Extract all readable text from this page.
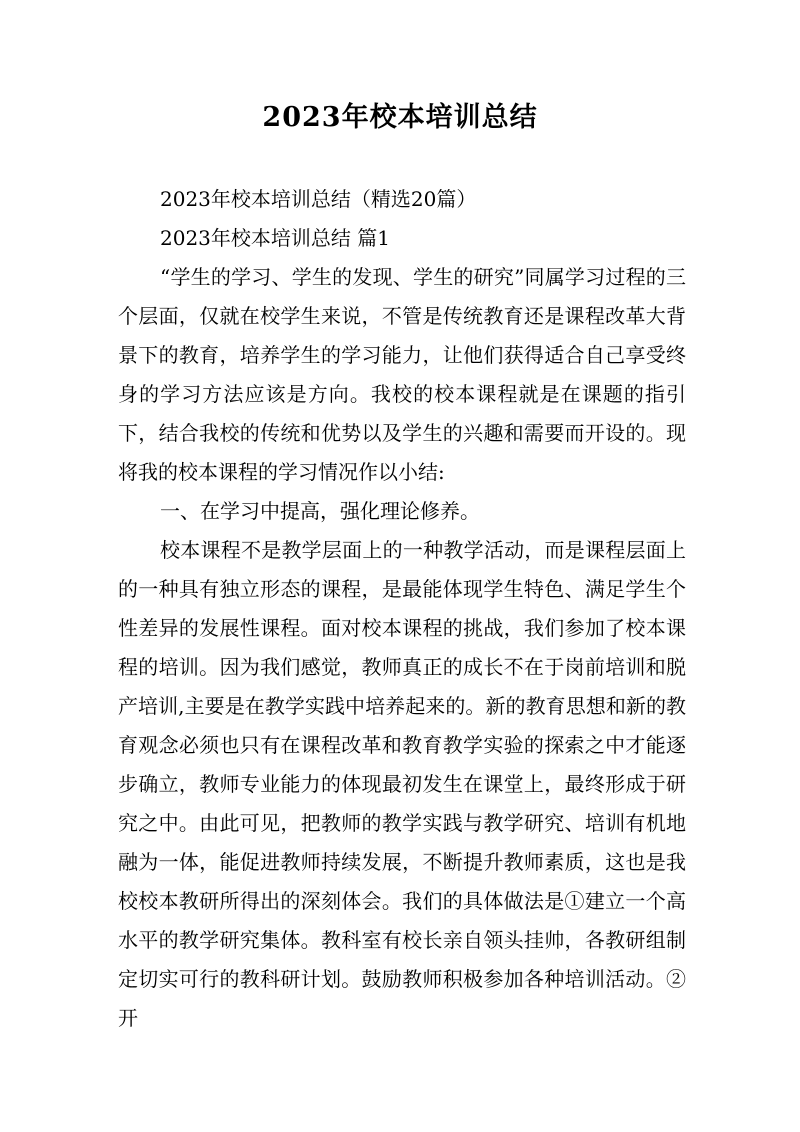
2023年校本培训总结

2023年校本培训总结（精选20篇）

2023年校本培训总结 篇1

“学生的学习、学生的发现、学生的研究”同属学习过程的三个层面，仅就在校学生来说，不管是传统教育还是课程改革大背景下的教育，培养学生的学习能力，让他们获得适合自己享受终身的学习方法应该是方向。我校的校本课程就是在课题的指引下，结合我校的传统和优势以及学生的兴趣和需要而开设的。现将我的校本课程的学习情况作以小结:

一、在学习中提高，强化理论修养。

校本课程不是教学层面上的一种教学活动，而是课程层面上的一种具有独立形态的课程，是最能体现学生特色、满足学生个性差异的发展性课程。面对校本课程的挑战，我们参加了校本课程的培训。因为我们感觉，教师真正的成长不在于岗前培训和脱产培训,主要是在教学实践中培养起来的。新的教育思想和新的教育观念必须也只有在课程改革和教育教学实验的探索之中才能逐步确立，教师专业能力的体现最初发生在课堂上，最终形成于研究之中。由此可见，把教师的教学实践与教学研究、培训有机地融为一体，能促进教师持续发展，不断提升教师素质，这也是我校校本教研所得出的深刻体会。我们的具体做法是①建立一个高水平的教学研究集体。教科室有校长亲自领头挂帅，各教研组制定切实可行的教科研计划。鼓励教师积极参加各种培训活动。②开
